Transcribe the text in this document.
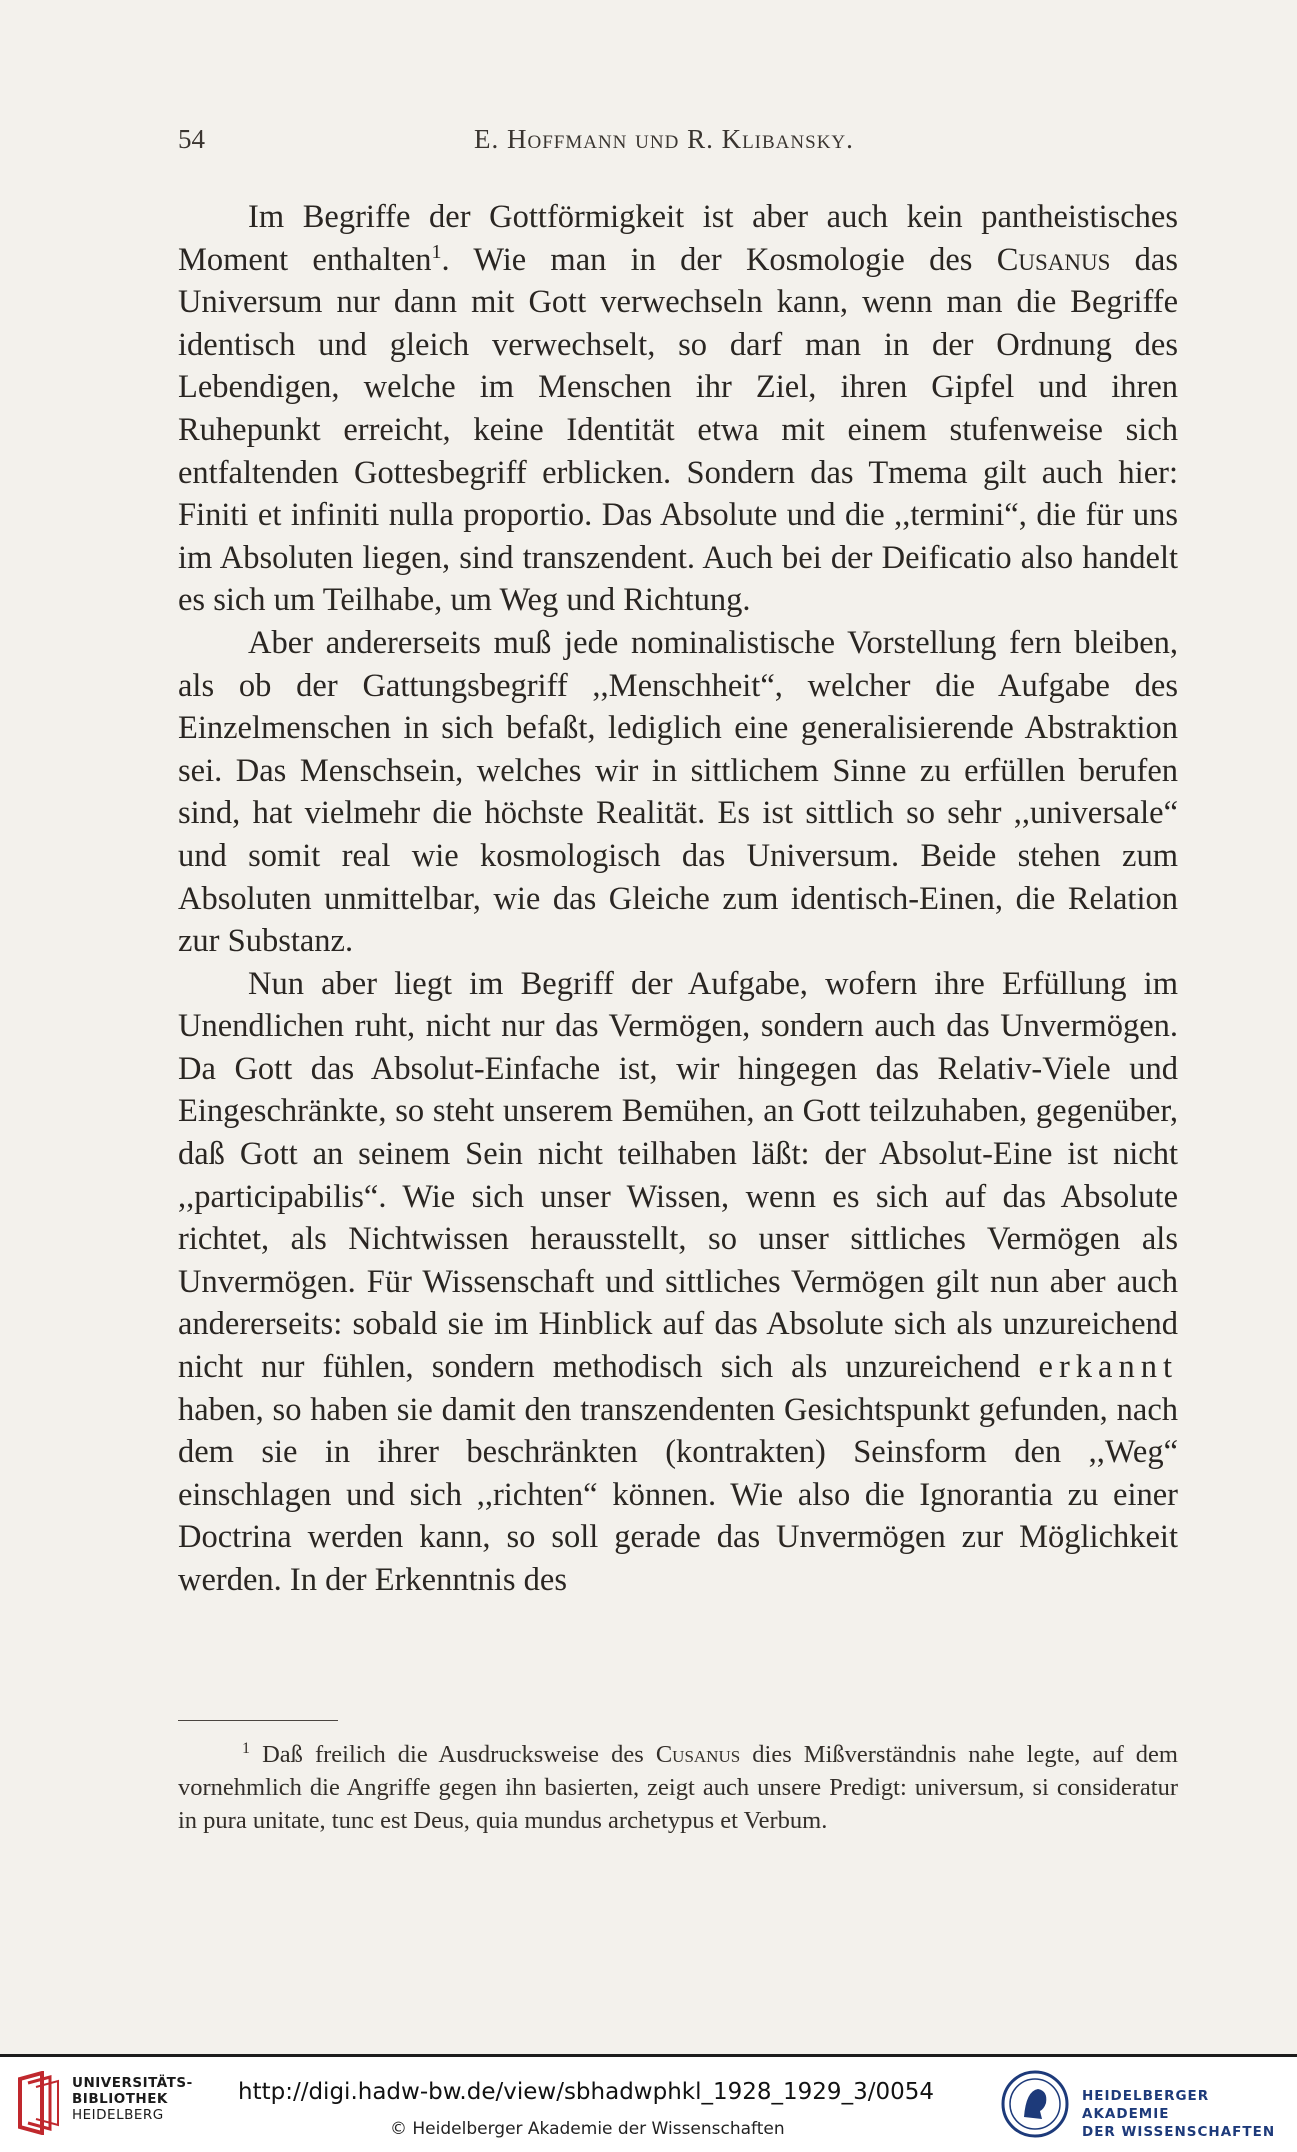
54	E. Hoffmann und R. Klibansky.

Im Begriffe der Gottförmigkeit ist aber auch kein pantheistisches Moment enthalten$^1$. Wie man in der Kosmologie des Cusanus das Universum nur dann mit Gott verwechseln kann, wenn man die Begriffe identisch und gleich verwechselt, so darf man in der Ordnung des Lebendigen, welche im Menschen ihr Ziel, ihren Gipfel und ihren Ruhepunkt erreicht, keine Identität etwa mit einem stufenweise sich entfaltenden Gottesbegriff erblicken. Sondern das Tmema gilt auch hier: Finiti et infiniti nulla proportio. Das Absolute und die ,,termini“, die für uns im Absoluten liegen, sind transzendent. Auch bei der Deificatio also handelt es sich um Teilhabe, um Weg und Richtung.

Aber andererseits muß jede nominalistische Vorstellung fern bleiben, als ob der Gattungsbegriff ,,Menschheit“, welcher die Aufgabe des Einzelmenschen in sich befaßt, lediglich eine generalisierende Abstraktion sei. Das Menschsein, welches wir in sittlichem Sinne zu erfüllen berufen sind, hat vielmehr die höchste Realität. Es ist sittlich so sehr ,,universale“ und somit real wie kosmologisch das Universum. Beide stehen zum Absoluten unmittelbar, wie das Gleiche zum identisch-Einen, die Relation zur Substanz.

Nun aber liegt im Begriff der Aufgabe, wofern ihre Erfüllung im Unendlichen ruht, nicht nur das Vermögen, sondern auch das Unvermögen. Da Gott das Absolut-Einfache ist, wir hingegen das Relativ-Viele und Eingeschränkte, so steht unserem Bemühen, an Gott teilzuhaben, gegenüber, daß Gott an seinem Sein nicht teilhaben läßt: der Absolut-Eine ist nicht ,,participabilis“. Wie sich unser Wissen, wenn es sich auf das Absolute richtet, als Nichtwissen herausstellt, so unser sittliches Vermögen als Unvermögen. Für Wissenschaft und sittliches Vermögen gilt nun aber auch andererseits: sobald sie im Hinblick auf das Absolute sich als unzureichend nicht nur fühlen, sondern methodisch sich als unzureichend erkannt haben, so haben sie damit den transzendenten Gesichtspunkt gefunden, nach dem sie in ihrer beschränkten (kontrakten) Seinsform den ,,Weg“ einschlagen und sich ,,richten“ können. Wie also die Ignorantia zu einer Doctrina werden kann, so soll gerade das Unvermögen zur Möglichkeit werden. In der Erkenntnis des

$^1$ Daß freilich die Ausdrucksweise des Cusanus dies Mißverständnis nahe legte, auf dem vornehmlich die Angriffe gegen ihn basierten, zeigt auch unsere Predigt: universum, si consideratur in pura unitate, tunc est Deus, quia mundus archetypus et Verbum.

UNIVERSITÄTS-
BIBLIOTHEK
HEIDELBERG
http://digi.hadw-bw.de/view/sbhadwphkl_1928_1929_3/0054
© Heidelberger Akademie der Wissenschaften
HEIDELBERGER AKADEMIE
DER WISSENSCHAFTEN
